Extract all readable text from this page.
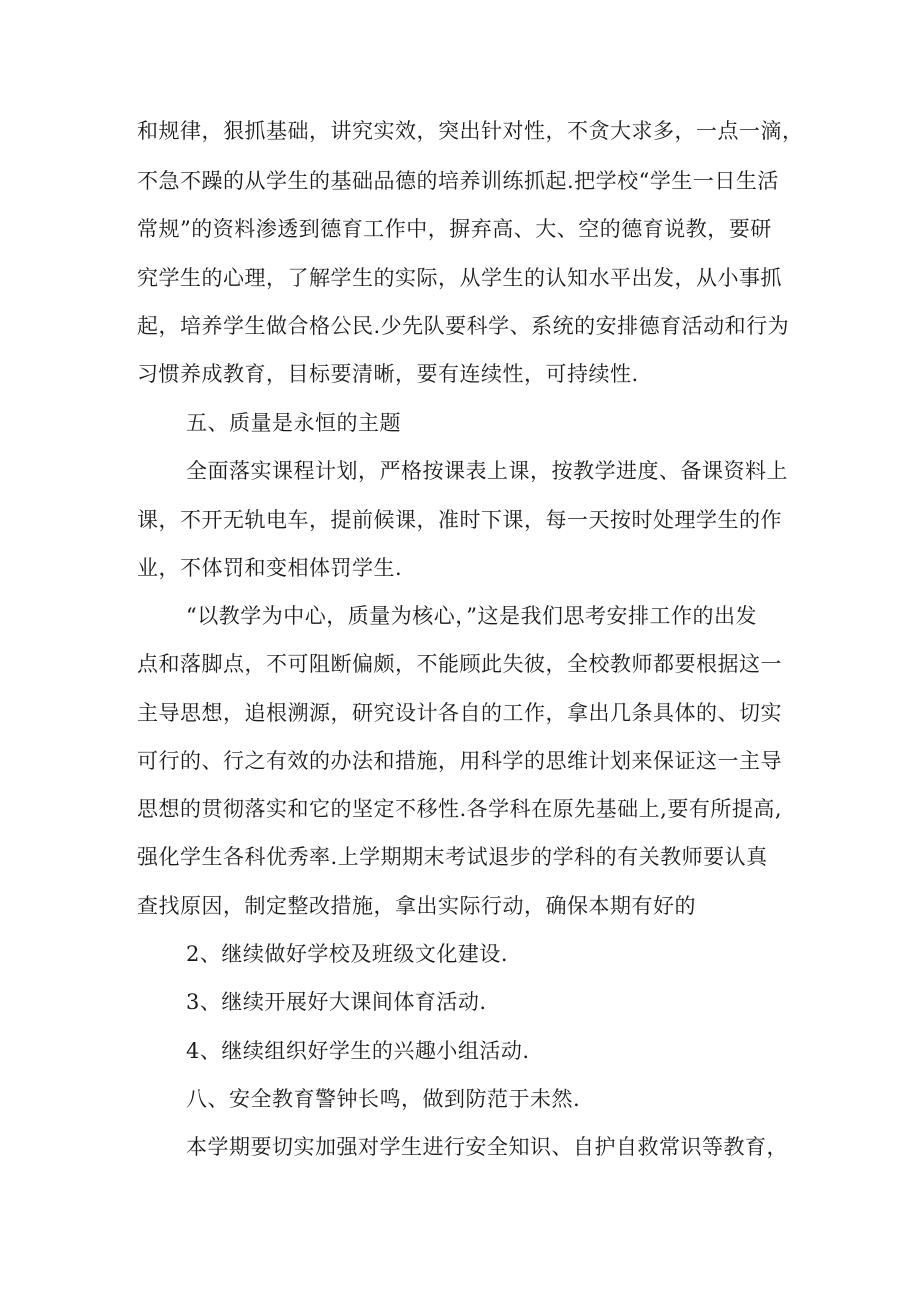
和规律，狠抓基础，讲究实效，突出针对性，不贪大求多，一点一滴，
不急不躁的从学生的基础品德的培养训练抓起.把学校“学生一日生活
常规”的资料渗透到德育工作中，摒弃高、大、空的德育说教，要研
究学生的心理，了解学生的实际，从学生的认知水平出发，从小事抓
起，培养学生做合格公民.少先队要科学、系统的安排德育活动和行为
习惯养成教育，目标要清晰，要有连续性，可持续性.
五、质量是永恒的主题
全面落实课程计划，严格按课表上课，按教学进度、备课资料上
课，不开无轨电车，提前候课，准时下课，每一天按时处理学生的作
业，不体罚和变相体罚学生.
“以教学为中心，质量为核心，”这是我们思考安排工作的出发
点和落脚点，不可阻断偏颇，不能顾此失彼，全校教师都要根据这一
主导思想，追根溯源，研究设计各自的工作，拿出几条具体的、切实
可行的、行之有效的办法和措施，用科学的思维计划来保证这一主导
思想的贯彻落实和它的坚定不移性.各学科在原先基础上,要有所提高,
强化学生各科优秀率.上学期期末考试退步的学科的有关教师要认真
查找原因，制定整改措施，拿出实际行动，确保本期有好的
2、继续做好学校及班级文化建设.
3、继续开展好大课间体育活动.
4、继续组织好学生的兴趣小组活动.
八、安全教育警钟长鸣，做到防范于未然.
本学期要切实加强对学生进行安全知识、自护自救常识等教育，
